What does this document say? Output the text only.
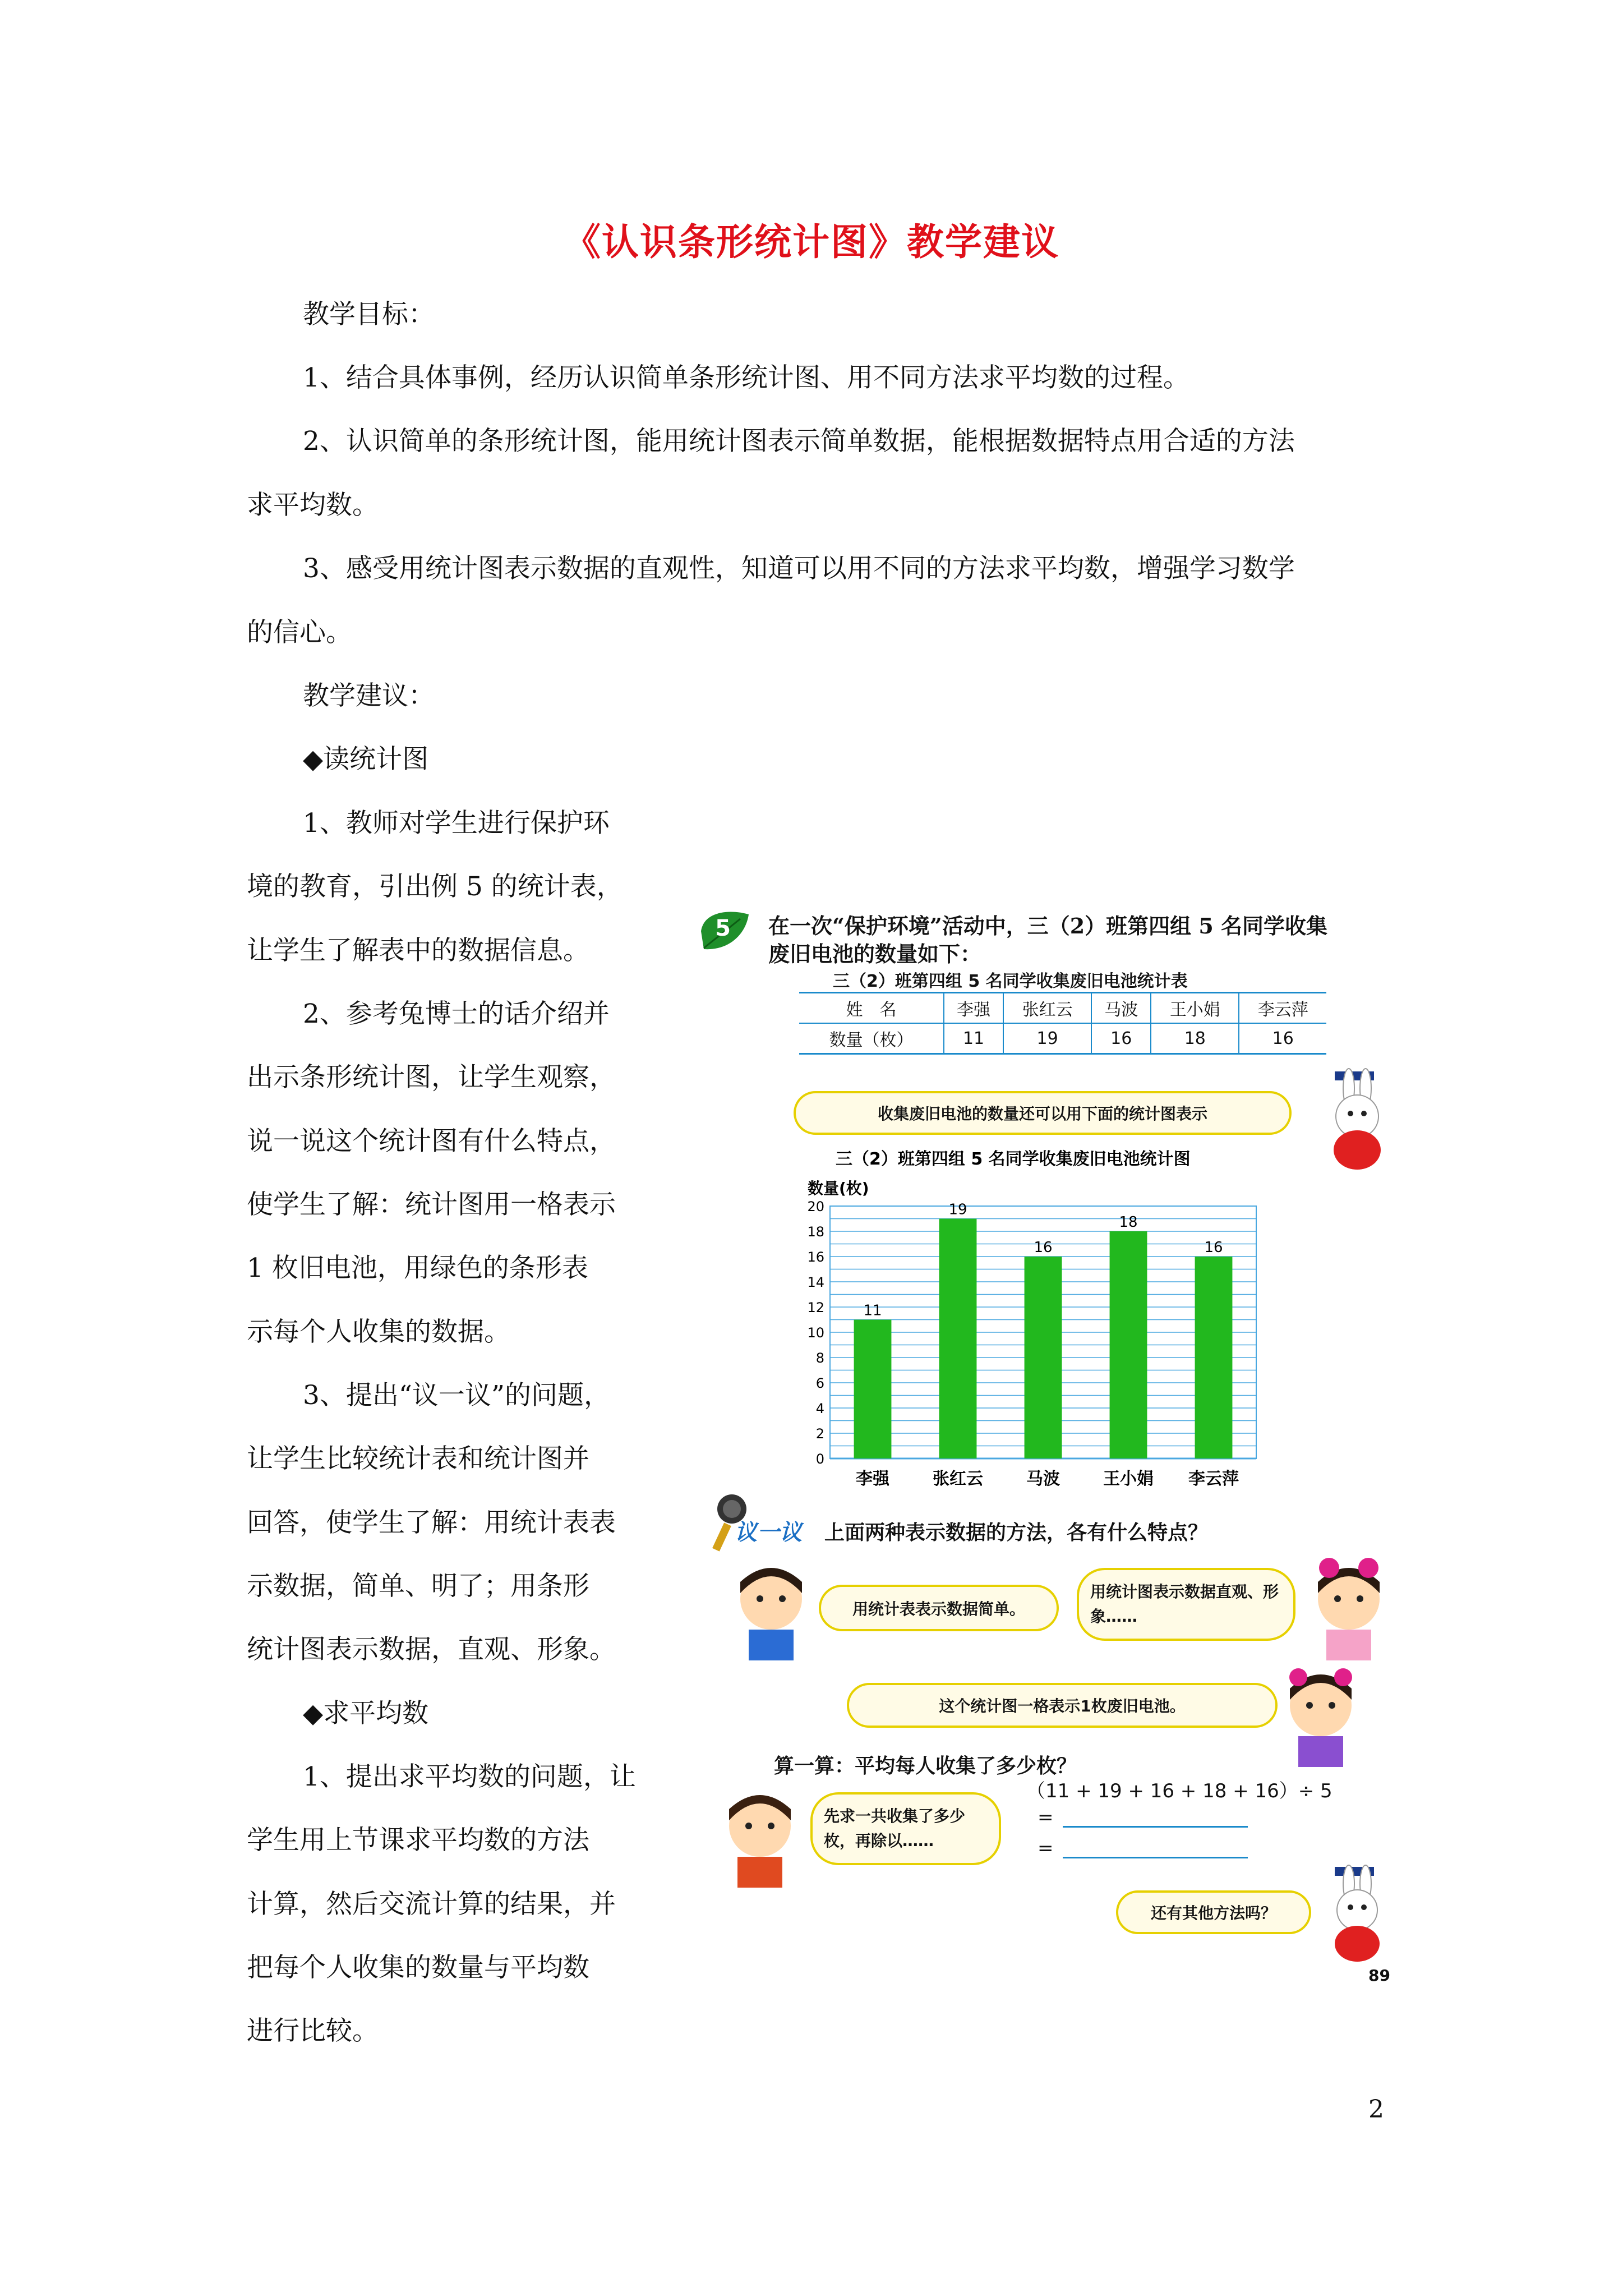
《认识条形统计图》教学建议
教学目标：
1、结合具体事例，经历认识简单条形统计图、用不同方法求平均数的过程。
2、认识简单的条形统计图，能用统计图表示简单数据，能根据数据特点用合适的方法
求平均数。
3、感受用统计图表示数据的直观性，知道可以用不同的方法求平均数，增强学习数学
的信心。
教学建议：
◆读统计图
1、教师对学生进行保护环
境的教育，引出例 5 的统计表，
让学生了解表中的数据信息。
2、参考兔博士的话介绍并
出示条形统计图，让学生观察，
说一说这个统计图有什么特点，
使学生了解：统计图用一格表示
1 枚旧电池，用绿色的条形表
示每个人收集的数据。
3、提出“议一议”的问题，
让学生比较统计表和统计图并
回答，使学生了解：用统计表表
示数据，简单、明了；用条形
统计图表示数据，直观、形象。
◆求平均数
1、提出求平均数的问题，让
学生用上节课求平均数的方法
计算，然后交流计算的结果，并
把每个人收集的数量与平均数
进行比较。
2
5 在一次“保护环境”活动中，三（2）班第四组 5 名同学收集
废旧电池的数量如下：
三（2）班第四组 5 名同学收集废旧电池统计表
姓　名	李强	张红云	马波	王小娟	李云萍
数量（枚）	11	19	16	18	16
收集废旧电池的数量还可以用下面的统计图表示
三（2）班第四组 5 名同学收集废旧电池统计图
数量(枚)
0
2
4
6
8
10
12
14
16
18
20
11
李强
19
张红云
16
马波
18
王小娟
16
李云萍
议一议 上面两种表示数据的方法，各有什么特点？
用统计表表示数据简单。
用统计图表示数据直观、形象……
这个统计图一格表示1枚废旧电池。
算一算：平均每人收集了多少枚？
先求一共收集了多少枚，再除以……
（11 + 19 + 16 + 18 + 16）÷ 5
=
=
还有其他方法吗？
89
